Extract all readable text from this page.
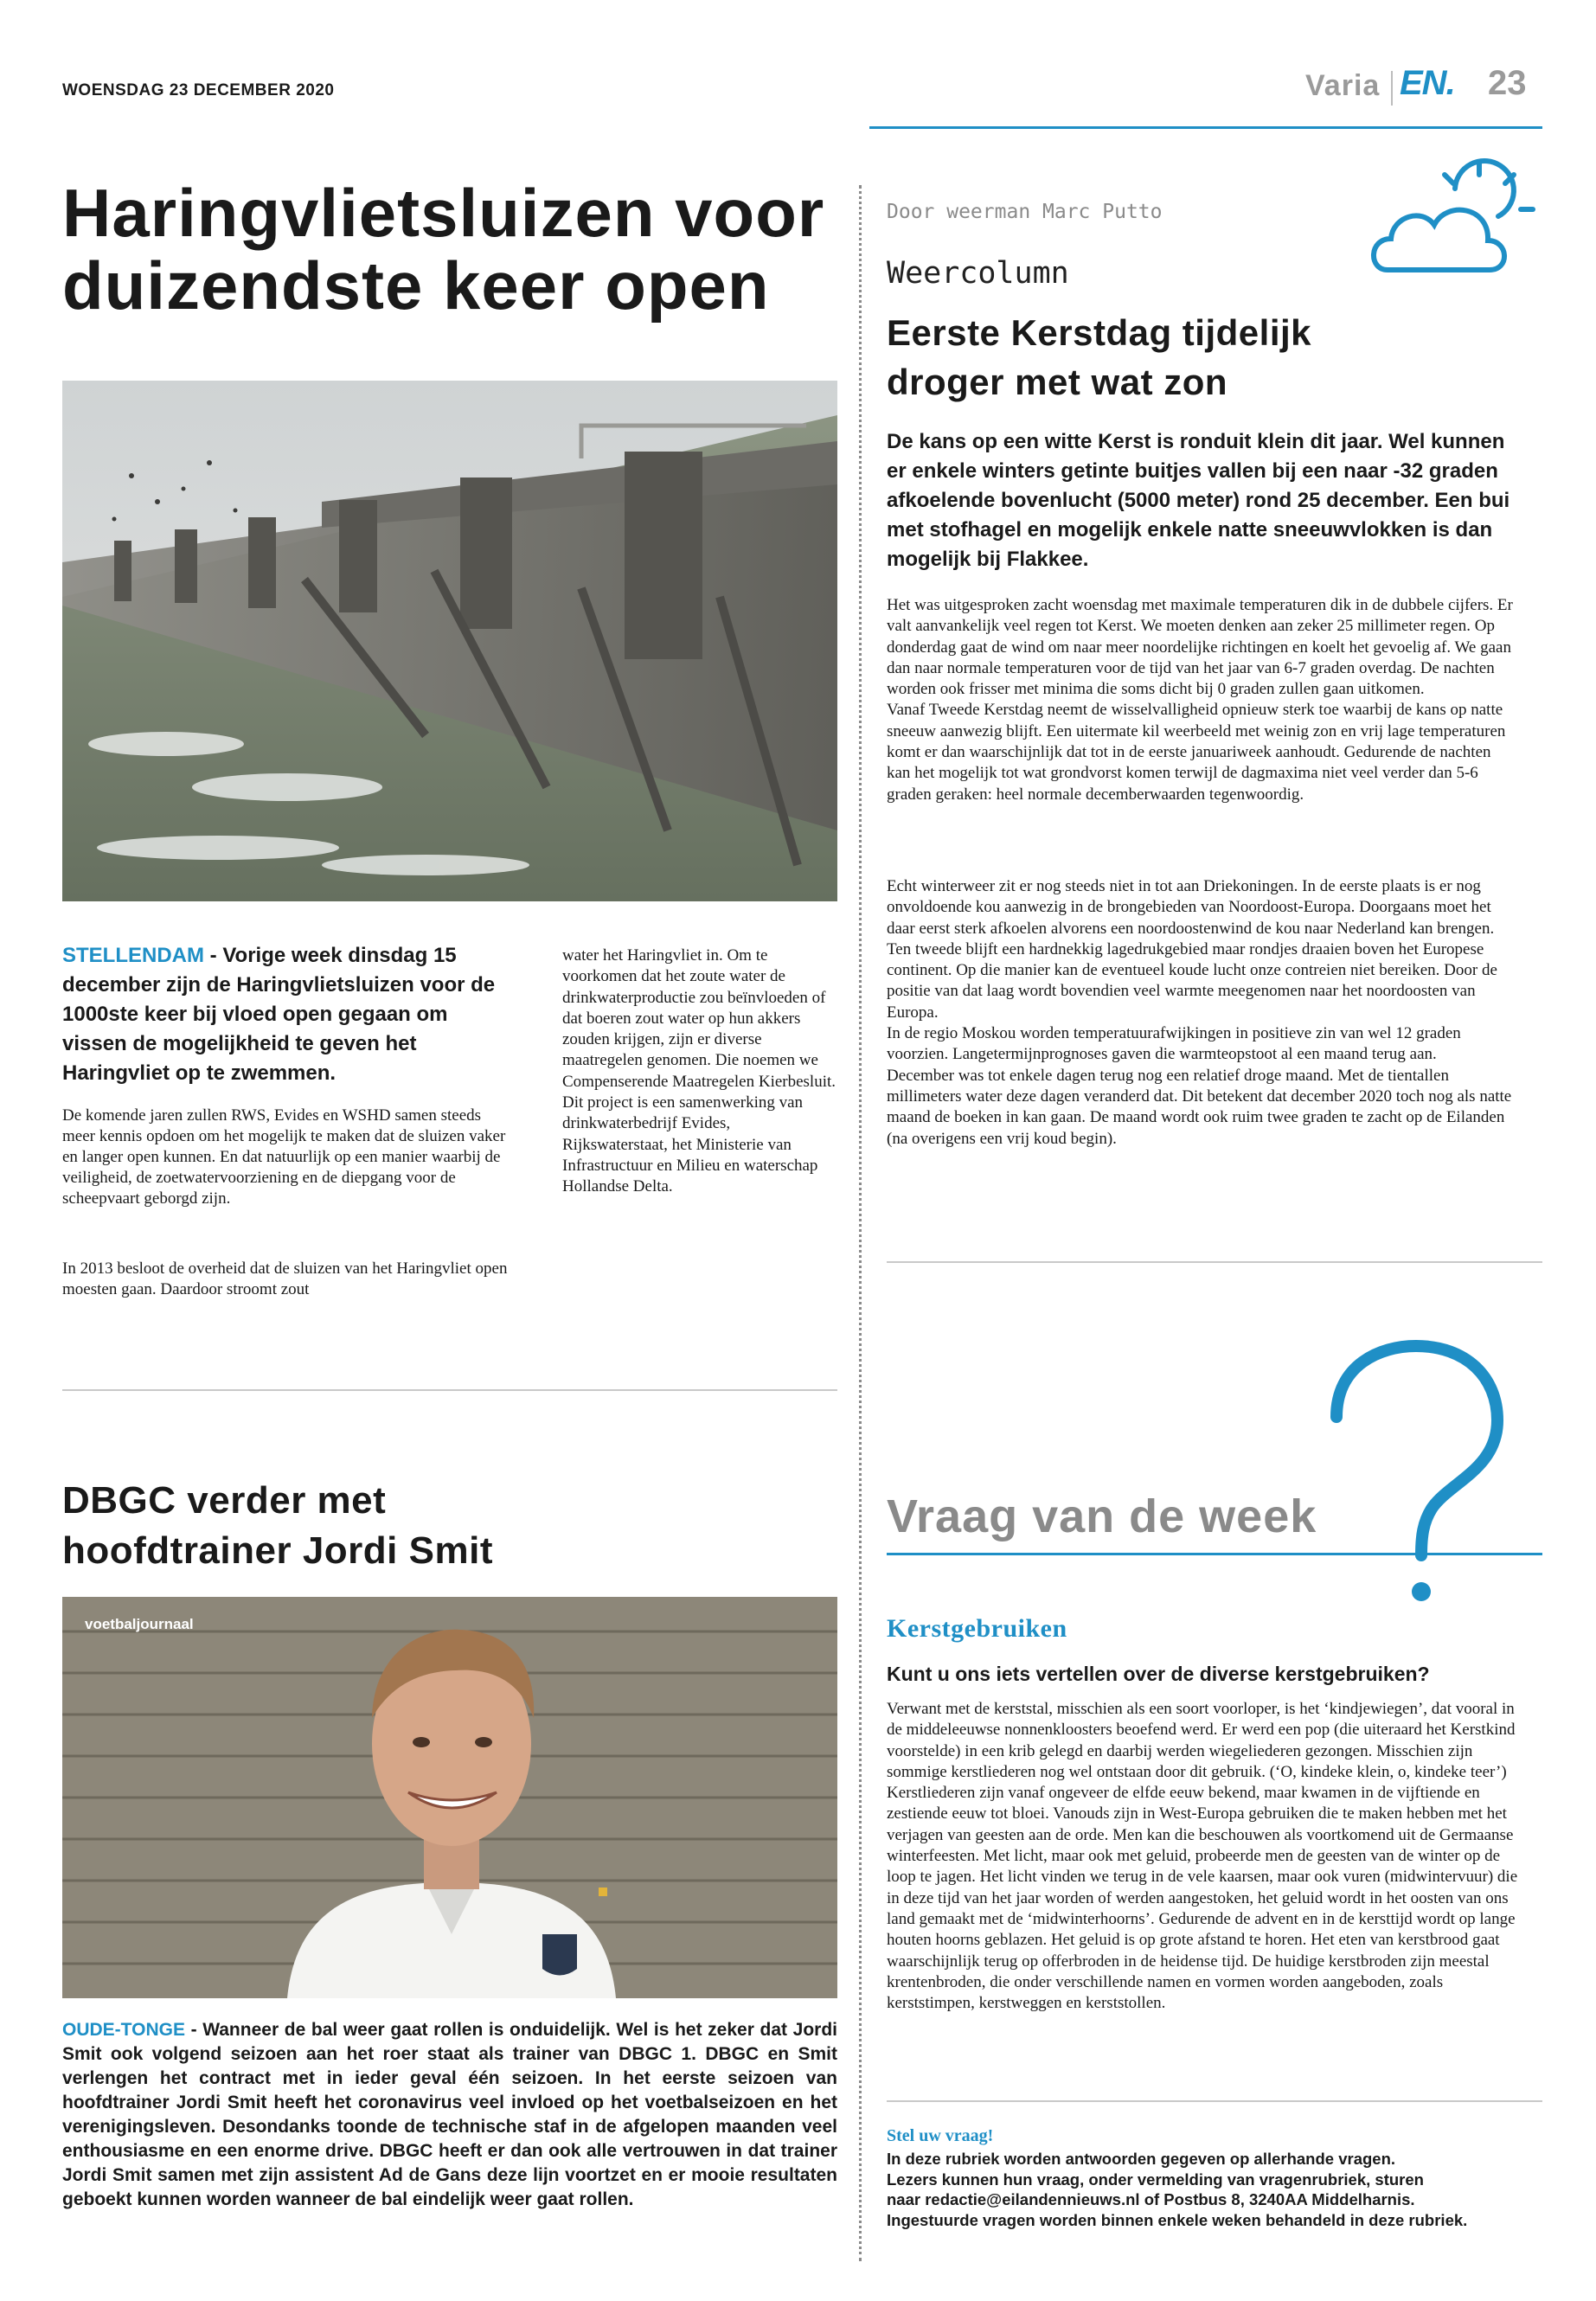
WOENSDAG 23 DECEMBER 2020	Varia EN. 23
Haringvlietsluizen voor
duizendste keer open
STELLENDAM - Vorige week dinsdag 15 december zijn de Haringvlietsluizen voor de 1000ste keer bij vloed open gegaan om vissen de mogelijkheid te geven het Haringvliet op te zwemmen.

De komende jaren zullen RWS, Evides en WSHD samen steeds meer kennis opdoen om het mogelijk te maken dat de sluizen vaker en langer open kunnen. En dat natuurlijk op een manier waarbij de veiligheid, de zoetwatervoorziening en de diepgang voor de scheepvaart geborgd zijn.

In 2013 besloot de overheid dat de sluizen van het Haringvliet open moesten gaan. Daardoor stroomt zout

water het Haringvliet in. Om te voorkomen dat het zoute water de drinkwaterproductie zou beïnvloeden of dat boeren zout water op hun akkers zouden krijgen, zijn er diverse maatregelen genomen. Die noemen we Compenserende Maatregelen Kierbesluit. Dit project is een samenwerking van drinkwaterbedrijf Evides, Rijkswaterstaat, het Ministerie van Infrastructuur en Milieu en waterschap Hollandse Delta.

DBGC verder met
hoofdtrainer Jordi Smit
voetbaljournaal
OUDE-TONGE - Wanneer de bal weer gaat rollen is onduidelijk. Wel is het zeker dat Jordi Smit ook volgend seizoen aan het roer staat als trainer van DBGC 1. DBGC en Smit verlengen het contract met in ieder geval één seizoen. In het eerste seizoen van hoofdtrainer Jordi Smit heeft het coronavirus veel invloed op het voetbalseizoen en het verenigingsleven. Desondanks toonde de technische staf in de afgelopen maanden veel enthousiasme en een enorme drive. DBGC heeft er dan ook alle vertrouwen in dat trainer Jordi Smit samen met zijn assistent Ad de Gans deze lijn voortzet en er mooie resultaten geboekt kunnen worden wanneer de bal eindelijk weer gaat rollen.
Door weerman Marc Putto
Weercolumn
Eerste Kerstdag tijdelijk
droger met wat zon
De kans op een witte Kerst is ronduit klein dit jaar. Wel kunnen er enkele winters getinte buitjes vallen bij een naar -32 graden afkoelende bovenlucht (5000 meter) rond 25 december. Een bui met stofhagel en mogelijk enkele natte sneeuwvlokken is dan mogelijk bij Flakkee.

Het was uitgesproken zacht woensdag met maximale temperaturen dik in de dubbele cijfers. Er valt aanvankelijk veel regen tot Kerst. We moeten denken aan zeker 25 millimeter regen. Op donderdag gaat de wind om naar meer noordelijke richtingen en koelt het gevoelig af. We gaan dan naar normale temperaturen voor de tijd van het jaar van 6-7 graden overdag. De nachten worden ook frisser met minima die soms dicht bij 0 graden zullen gaan uitkomen.

Vanaf Tweede Kerstdag neemt de wisselvalligheid opnieuw sterk toe waarbij de kans op natte sneeuw aanwezig blijft. Een uitermate kil weerbeeld met weinig zon en vrij lage temperaturen komt er dan waarschijnlijk dat tot in de eerste januariweek aanhoudt. Gedurende de nachten kan het mogelijk tot wat grondvorst komen terwijl de dagmaxima niet veel verder dan 5-6 graden geraken: heel normale decemberwaarden tegenwoordig.

Echt winterweer zit er nog steeds niet in tot aan Driekoningen. In de eerste plaats is er nog onvoldoende kou aanwezig in de brongebieden van Noordoost-Europa. Doorgaans moet het daar eerst sterk afkoelen alvorens een noordoostenwind de kou naar Nederland kan brengen. Ten tweede blijft een hardnekkig lagedrukgebied maar rondjes draaien boven het Europese continent. Op die manier kan de eventueel koude lucht onze contreien niet bereiken. Door de positie van dat laag wordt bovendien veel warmte meegenomen naar het noordoosten van Europa.

In de regio Moskou worden temperatuurafwijkingen in positieve zin van wel 12 graden voorzien. Langetermijnprognoses gaven die warmteopstoot al een maand terug aan.

December was tot enkele dagen terug nog een relatief droge maand. Met de tientallen millimeters water deze dagen veranderd dat. Dit betekent dat december 2020 toch nog als natte maand de boeken in kan gaan. De maand wordt ook ruim twee graden te zacht op de Eilanden (na overigens een vrij koud begin).

Vraag van de week
Kerstgebruiken
Kunt u ons iets vertellen over de diverse kerstgebruiken?

Verwant met de kerststal, misschien als een soort voorloper, is het ‘kindjewiegen’, dat vooral in de middeleeuwse nonnenkloosters beoefend werd. Er werd een pop (die uiteraard het Kerstkind voorstelde) in een krib gelegd en daarbij werden wiegeliederen gezongen. Misschien zijn sommige kerstliederen nog wel ontstaan door dit gebruik. (‘O, kindeke klein, o, kindeke teer’) Kerstliederen zijn vanaf ongeveer de elfde eeuw bekend, maar kwamen in de vijftiende en zestiende eeuw tot bloei. Vanouds zijn in West-Europa gebruiken die te maken hebben met het verjagen van geesten aan de orde. Men kan die beschouwen als voortkomend uit de Germaanse winterfeesten. Met licht, maar ook met geluid, probeerde men de geesten van de winter op de loop te jagen. Het licht vinden we terug in de vele kaarsen, maar ook vuren (midwintervuur) die in deze tijd van het jaar worden of werden aangestoken, het geluid wordt in het oosten van ons land gemaakt met de ‘midwinterhoorns’. Gedurende de advent en in de kersttijd wordt op lange houten hoorns geblazen. Het geluid is op grote afstand te horen. Het eten van kerstbrood gaat waarschijnlijk terug op offerbroden in de heidense tijd. De huidige kerstbroden zijn meestal krentenbroden, die onder verschillende namen en vormen worden aangeboden, zoals kerststimpen, kerstweggen en kerststollen.

Stel uw vraag!
In deze rubriek worden antwoorden gegeven op allerhande vragen.
Lezers kunnen hun vraag, onder vermelding van vragenrubriek, sturen
naar redactie@eilandennieuws.nl of Postbus 8, 3240AA Middelharnis.
Ingestuurde vragen worden binnen enkele weken behandeld in deze rubriek.
